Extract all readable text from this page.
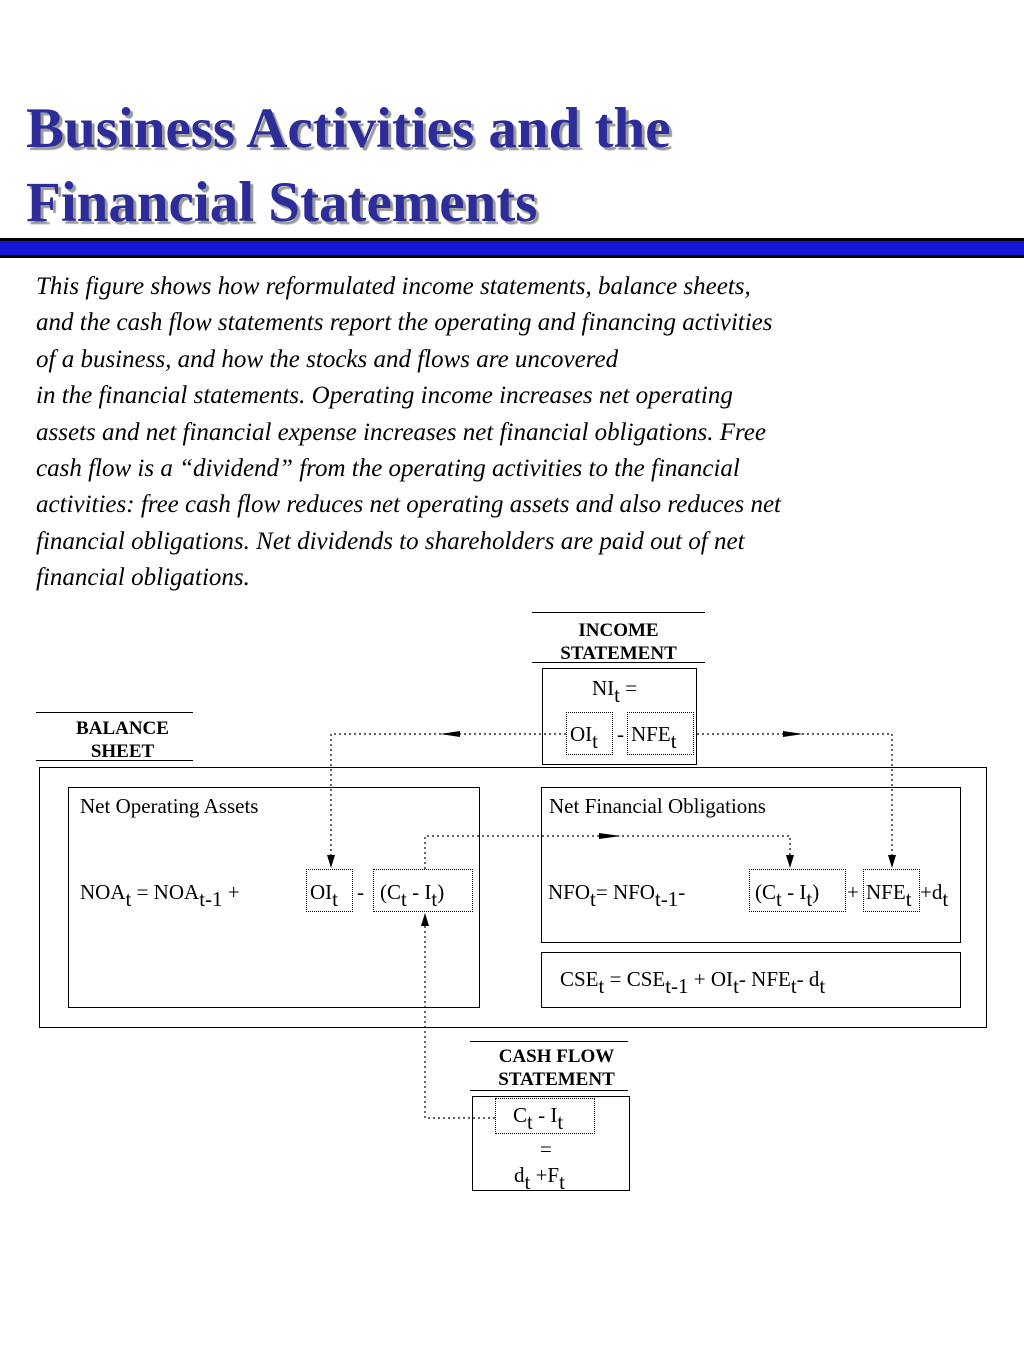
Business Activities and the
Financial Statements
This figure shows how reformulated income statements, balance sheets,
and the cash flow statements report the operating and financing activities
of a business, and how the stocks and flows are uncovered
in the financial statements. Operating income increases net operating
assets and net financial expense increases net financial obligations. Free
cash flow is a “dividend” from the operating activities to the financial
activities: free cash flow reduces net operating assets and also reduces net
financial obligations. Net dividends to shareholders are paid out of net
financial obligations.
INCOME
STATEMENT
$NI_t$ =
$OI_t - NFE_t$
BALANCE
SHEET
Net Operating Assets
$NOA_t = NOA_{t-1}$ +	$OI_t - (C_t - I_t)$
Net Financial Obligations
$NFO_t= NFO_{t-1}-$	$(C_t - I_t) + NFE_t +d_t$
$CSE_t = CSE_{t-1} + OI_t-$ $NFE_t-$ $d_t$
CASH FLOW
STATEMENT
$C_t - I_t$
=
$d_t +F_t$
